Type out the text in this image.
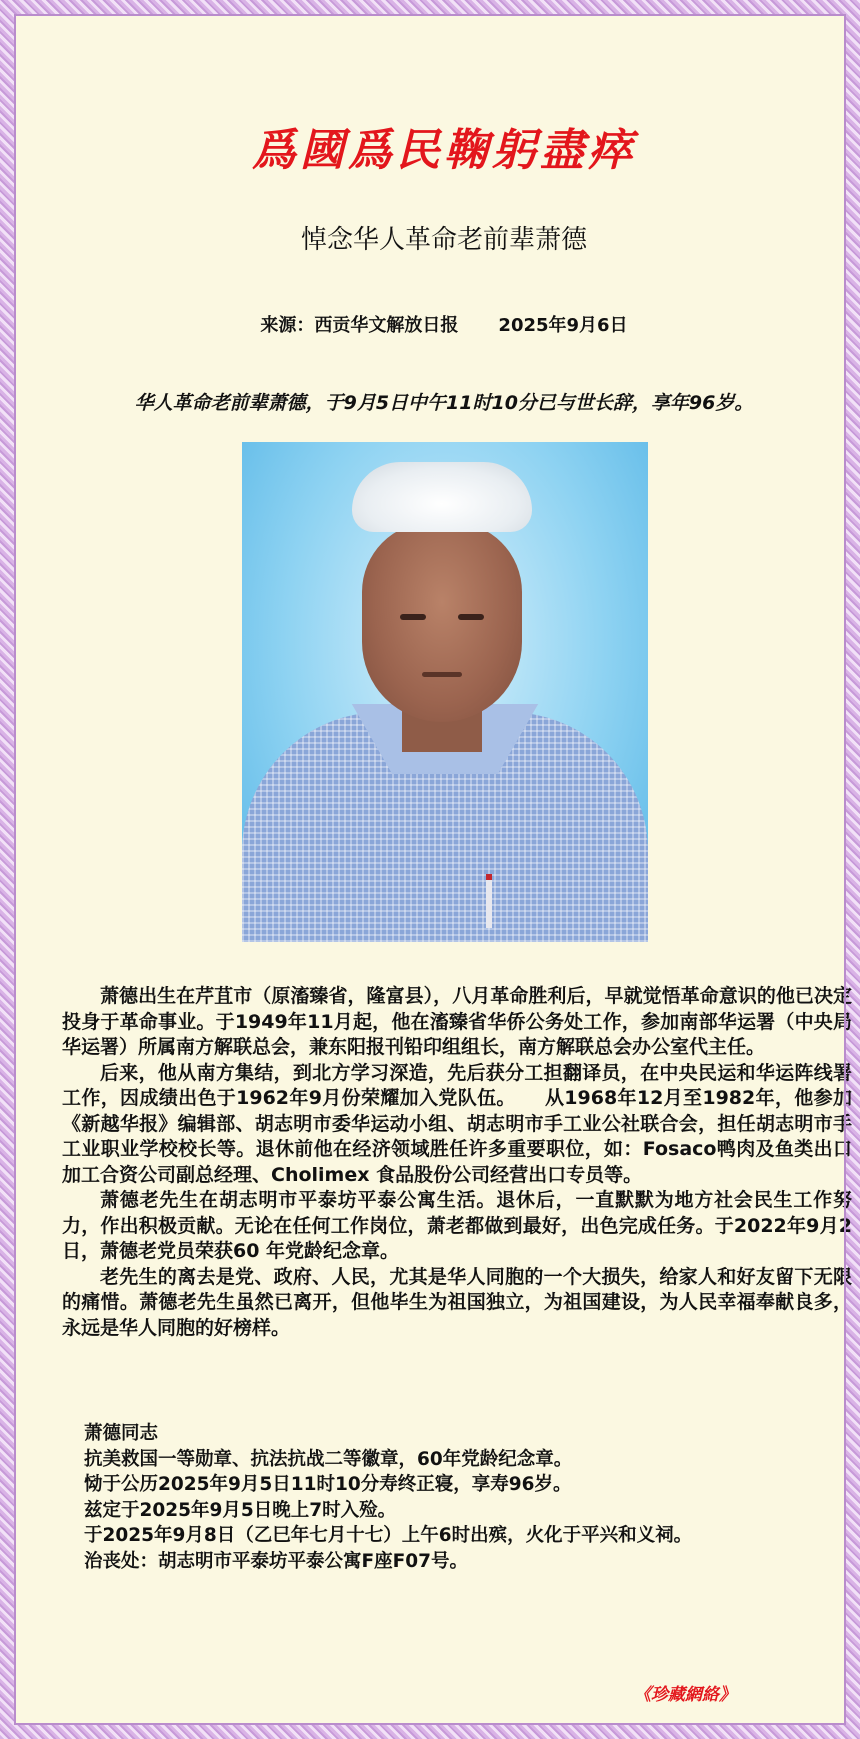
爲國爲民鞠躬盡瘁
悼念华人革命老前辈萧德
来源：西贡华文解放日报 2025年9月6日
华人革命老前辈萧德，于9月5日中午11时10分已与世长辞，享年96岁。

萧德出生在芹苴市（原滀臻省，隆富县），八月革命胜利后，早就觉悟革命意识的他已决定投身于革命事业。于1949年11月起，他在滀臻省华侨公务处工作，参加南部华运署（中央局华运署）所属南方解联总会，兼东阳报刊铅印组组长，南方解联总会办公室代主任。

后来，他从南方集结，到北方学习深造，先后获分工担翻译员，在中央民运和华运阵线署工作，因成绩出色于1962年9月份荣耀加入党队伍。　　从1968年12月至1982年，他参加《新越华报》编辑部、胡志明市委华运动小组、胡志明市手工业公社联合会，担任胡志明市手工业职业学校校长等。退休前他在经济领域胜任许多重要职位，如：Fosaco鸭肉及鱼类出口加工合资公司副总经理、Cholimex 食品股份公司经营出口专员等。

萧德老先生在胡志明市平泰坊平泰公寓生活。退休后，一直默默为地方社会民生工作努力，作出积极贡献。无论在任何工作岗位，萧老都做到最好，出色完成任务。于2022年9月2日，萧德老党员荣获60 年党龄纪念章。

老先生的离去是党、政府、人民，尤其是华人同胞的一个大损失，给家人和好友留下无限的痛惜。萧德老先生虽然已离开，但他毕生为祖国独立，为祖国建设，为人民幸福奉献良多，永远是华人同胞的好榜样。

萧德同志
抗美救国一等勋章、抗法抗战二等徽章，60年党龄纪念章。
恸于公历2025年9月5日11时10分寿终正寝，享寿96岁。
兹定于2025年9月5日晚上7时入殓。
于2025年9月8日（乙巳年七月十七）上午6时出殡，火化于平兴和义祠。
治丧处：胡志明市平泰坊平泰公寓F座F07号。
《珍藏網絡》
